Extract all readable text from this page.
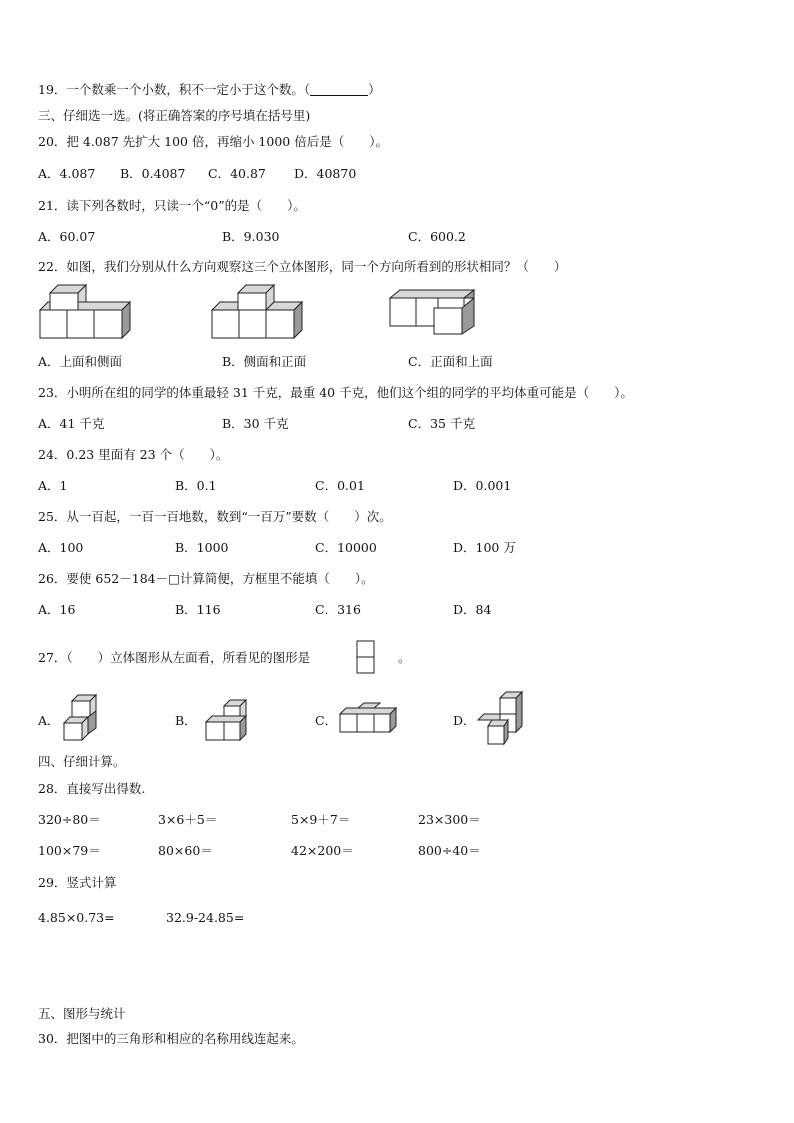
19．一个数乘一个小数，积不一定小于这个数。（	）
三、仔细选一选。(将正确答案的序号填在括号里)
20．把 4.087 先扩大 100 倍，再缩小 1000 倍后是（　　）。
A．4.087 B．0.4087 C．40.87 D．40870
21．读下列各数时，只读一个“0”的是（　　）。
A．60.07	B．9.030	C．600.2
22．如图，我们分别从什么方向观察这三个立体图形，同一个方向所看到的形状相同？（　　）
A．上面和侧面	B．侧面和正面	C．正面和上面
23．小明所在组的同学的体重最轻 31 千克，最重 40 千克，他们这个组的同学的平均体重可能是（　　）。
A．41 千克	B．30 千克	C．35 千克
24．0.23 里面有 23 个（　　）。
A．1	B．0.1	C．0.01	D．0.001
25．从一百起，一百一百地数，数到“一百万”要数（　　）次。
A．100	B．1000	C．10000	D．100 万
26．要使 652－184－□计算简便，方框里不能填（　　）。
A．16	B．116	C．316	D．84
27．（　　）立体图形从左面看，所看见的图形是	。
A．	B．	C．	D．
四、仔细计算。
28．直接写出得数.
320÷80＝	3×6＋5＝	5×9＋7＝	23×300＝
100×79＝	80×60＝	42×200＝	800÷40＝
29．竖式计算
4.85×0.73=	32.9-24.85=
五、图形与统计
30．把图中的三角形和相应的名称用线连起来。
